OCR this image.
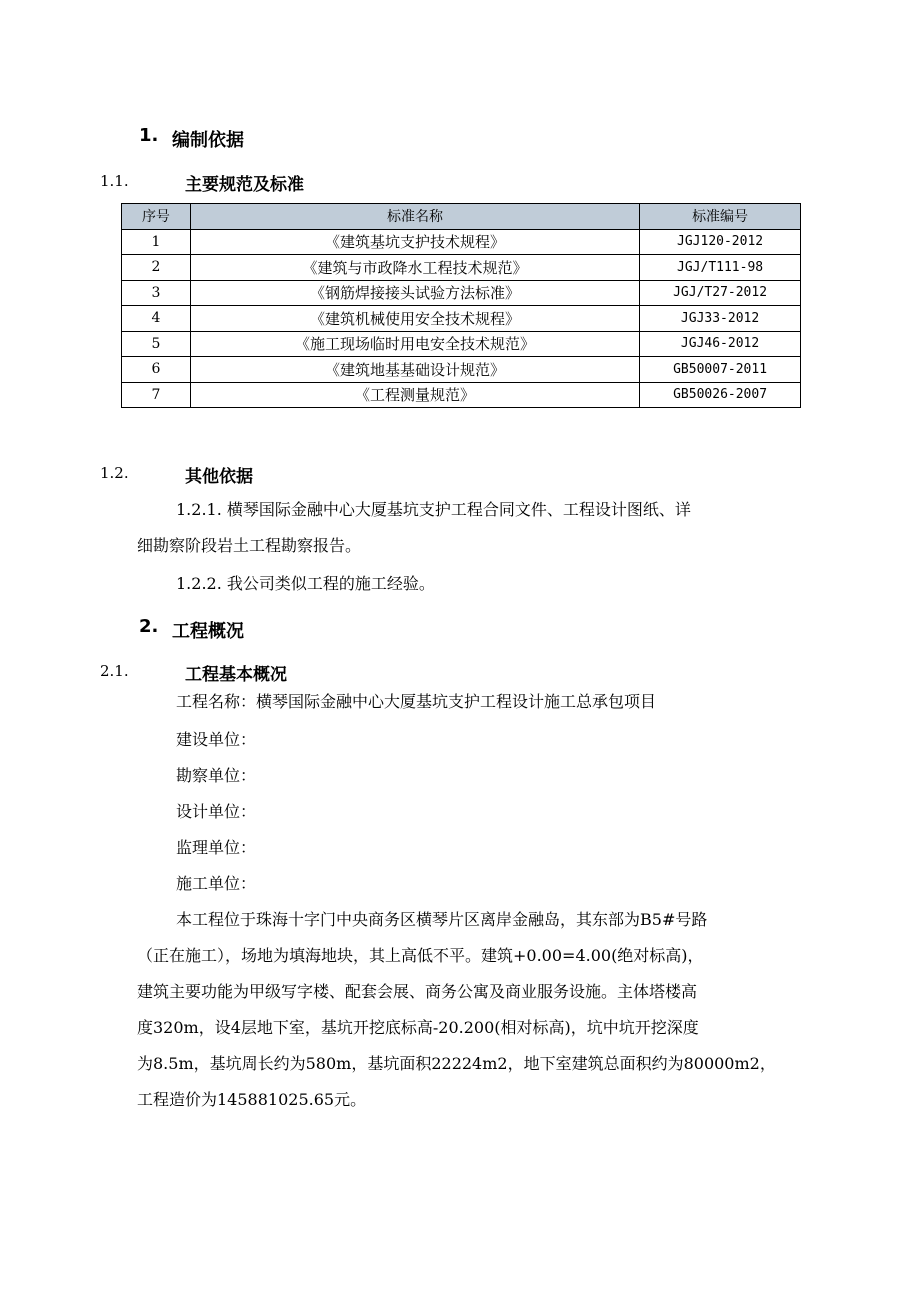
1. 编制依据
1.1.	主要规范及标准
序号	标准名称	标准编号
1	《建筑基坑支护技术规程》	JGJ120-2012
2	《建筑与市政降水工程技术规范》	JGJ/T111-98
3	《钢筋焊接接头试验方法标准》	JGJ/T27-2012
4	《建筑机械使用安全技术规程》	JGJ33-2012
5	《施工现场临时用电安全技术规范》	JGJ46-2012
6	《建筑地基基础设计规范》	GB50007-2011
7	《工程测量规范》	GB50026-2007
1.2.	其他依据
1.2.1. 横琴国际金融中心大厦基坑支护工程合同文件、工程设计图纸、详
细勘察阶段岩土工程勘察报告。
1.2.2. 我公司类似工程的施工经验。
2. 工程概况
2.1.	工程基本概况
工程名称：横琴国际金融中心大厦基坑支护工程设计施工总承包项目
建设单位：
勘察单位：
设计单位：
监理单位：
施工单位：
本工程位于珠海十字门中央商务区横琴片区离岸金融岛，其东部为B5#号路
（正在施工），场地为填海地块，其上高低不平。建筑+0.00=4.00(绝对标高)，
建筑主要功能为甲级写字楼、配套会展、商务公寓及商业服务设施。主体塔楼高
度320m，设4层地下室，基坑开挖底标高-20.200(相对标高)，坑中坑开挖深度
为8.5m，基坑周长约为580m，基坑面积22224m2，地下室建筑总面积约为80000m2，
工程造价为145881025.65元。
